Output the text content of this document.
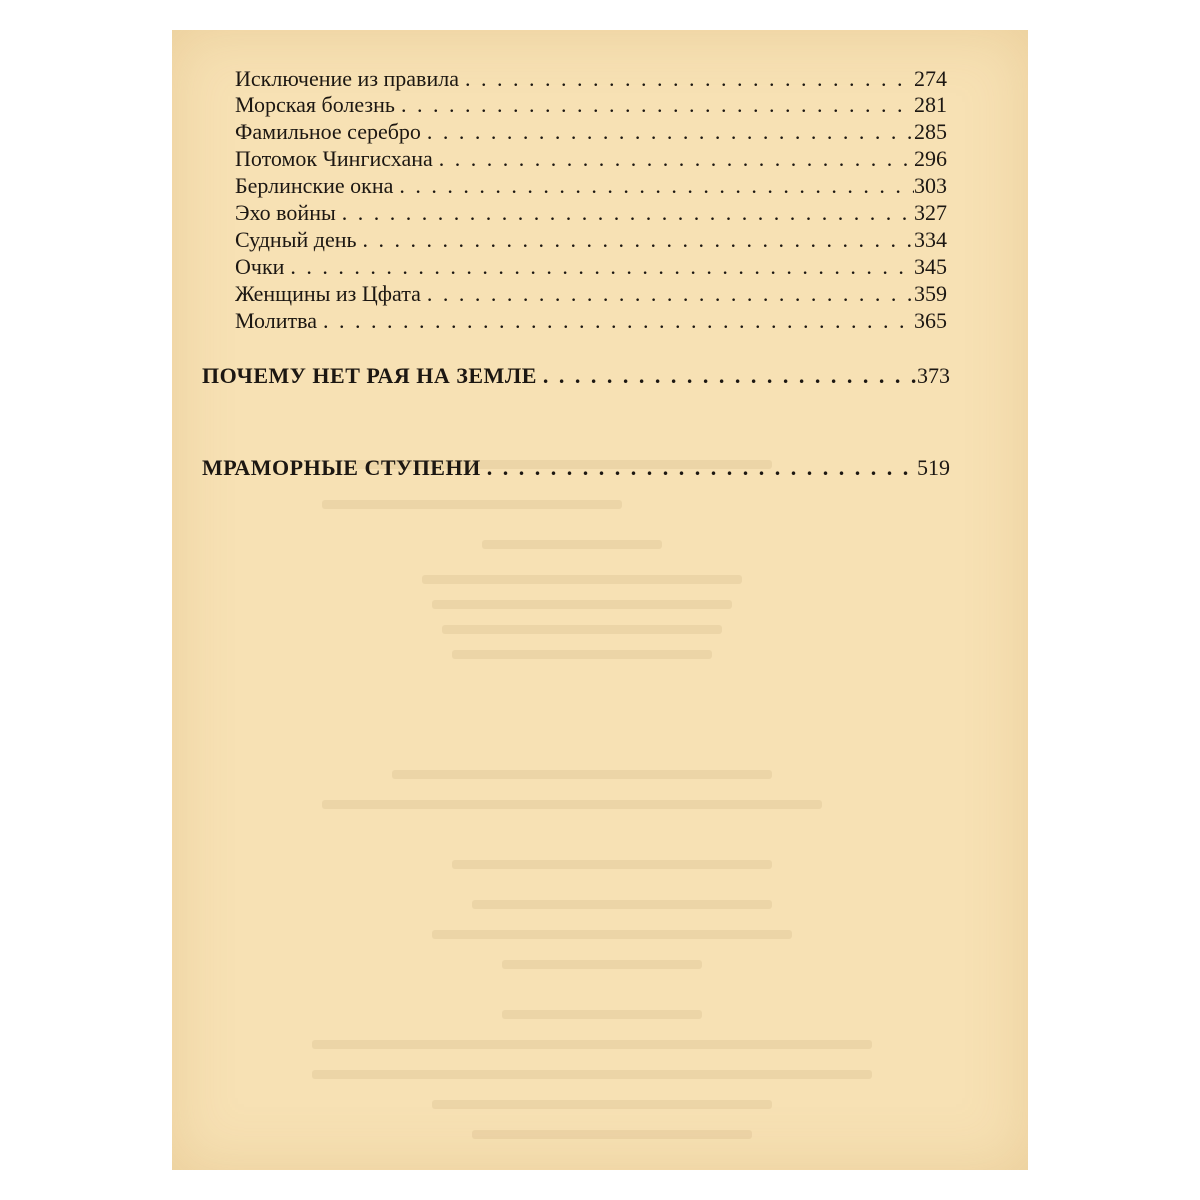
Исключение из правила . . .	274
Морская болезнь . . .	281
Фамильное серебро . . .	285
Потомок Чингисхана . . .	296
Берлинские окна . . .	303
Эхо войны . . .	327
Судный день . . .	334
Очки . . .	345
Женщины из Цфата . . .	359
Молитва . . .	365
ПОЧЕМУ НЕТ РАЯ НА ЗЕМЛЕ . . .	373
МРАМОРНЫЕ СТУПЕНИ . . .	519
